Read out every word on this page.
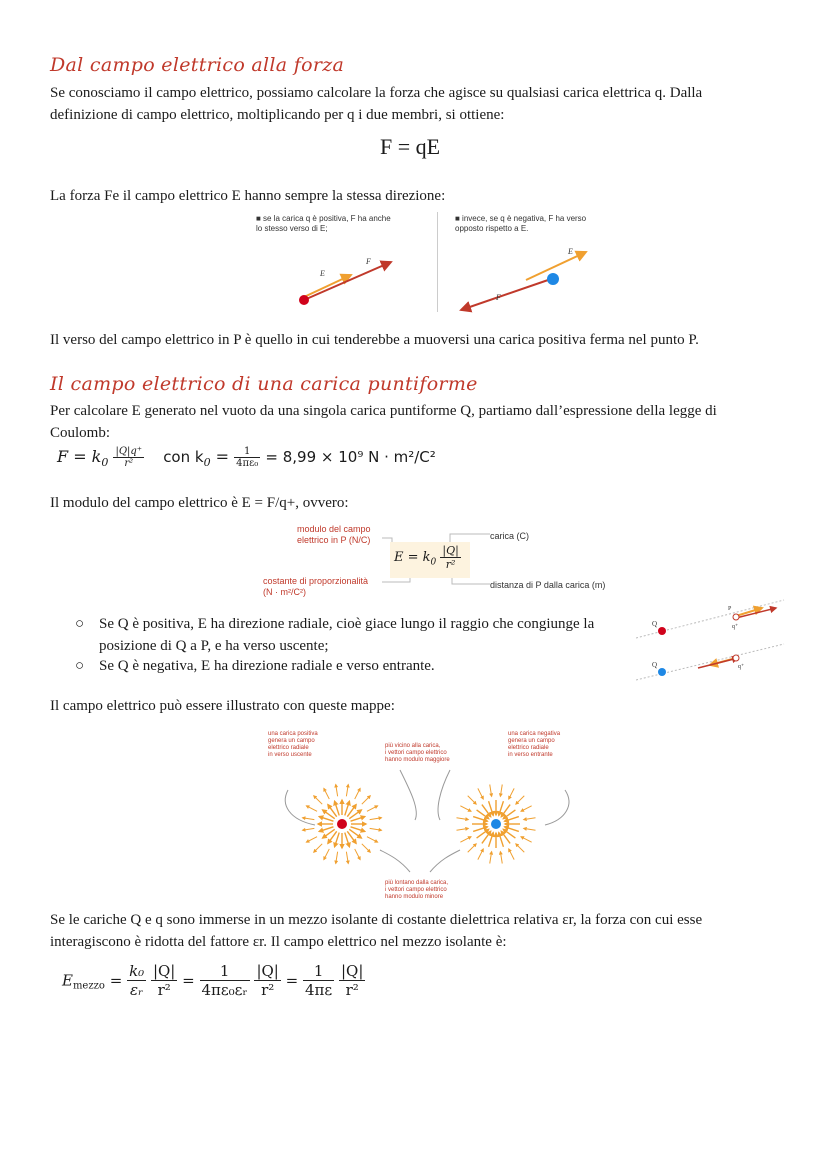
Dal campo elettrico alla forza
Se conosciamo il campo elettrico, possiamo calcolare la forza che agisce su qualsiasi carica elettrica q. Dalla
definizione di campo elettrico, moltiplicando per q i due membri, si ottiene:
F = qE
La forza Fe il campo elettrico E hanno sempre la stessa direzione:
■ se la carica q è positiva, F ha anche
lo stesso verso di E;
■ invece, se q è negativa, F ha verso
opposto rispetto a E.
E
F
E
F
Il verso del campo elettrico in P è quello in cui tenderebbe a muoversi una carica positiva ferma nel punto P.
Il campo elettrico di una carica puntiforme
Per calcolare E generato nel vuoto da una singola carica puntiforme Q, partiamo dall’espressione della legge di
Coulomb:
$F = k_0 \frac{|Q|q^+}{\text{r²}}$ con $k_0 = \frac{1}{\text{4πε₀}} = 8,99 \times 10^9$ N · m²/C²
Il modulo del campo elettrico è E = F/q+, ovvero:
modulo del campo
elettrico in P (N/C)	carica (C)
costante di proporzionalità
(N · m²/C²)
distanza di P dalla carica (m)
$E = k_0 \frac{|Q|}{\text{r²}}$
○ Se Q è positiva, E ha direzione radiale, cioè giace lungo il raggio che congiunge la
posizione di Q a P, e ha verso uscente;
○ Se Q è negativa, E ha direzione radiale e verso entrante.
Q
P
q⁺
Q	q⁺
Il campo elettrico può essere illustrato con queste mappe:
una carica positiva
genera un campo
elettrico radiale
in verso uscente
più vicino alla carica,
i vettori campo elettrico
hanno modulo maggiore
una carica negativa
genera un campo
elettrico radiale
in verso entrante
più lontano dalla carica,
i vettori campo elettrico
hanno modulo minore
Se le cariche Q e q sono immerse in un mezzo isolante di costante dielettrica relativa εr, la forza con cui esse
interagiscono è ridotta del fattore εr. Il campo elettrico nel mezzo isolante è:
$E_{mezzo} = \frac{\text{k₀}}{\text{εᵣ}}$
$\frac{|Q|}{\text{r²}} = \frac{1}{\text{4πε₀εᵣ}}$
$\frac{|Q|}{\text{r²}} = \frac{1}{4\pi\varepsilon}$
$\frac{|Q|}{\text{r²}}$
